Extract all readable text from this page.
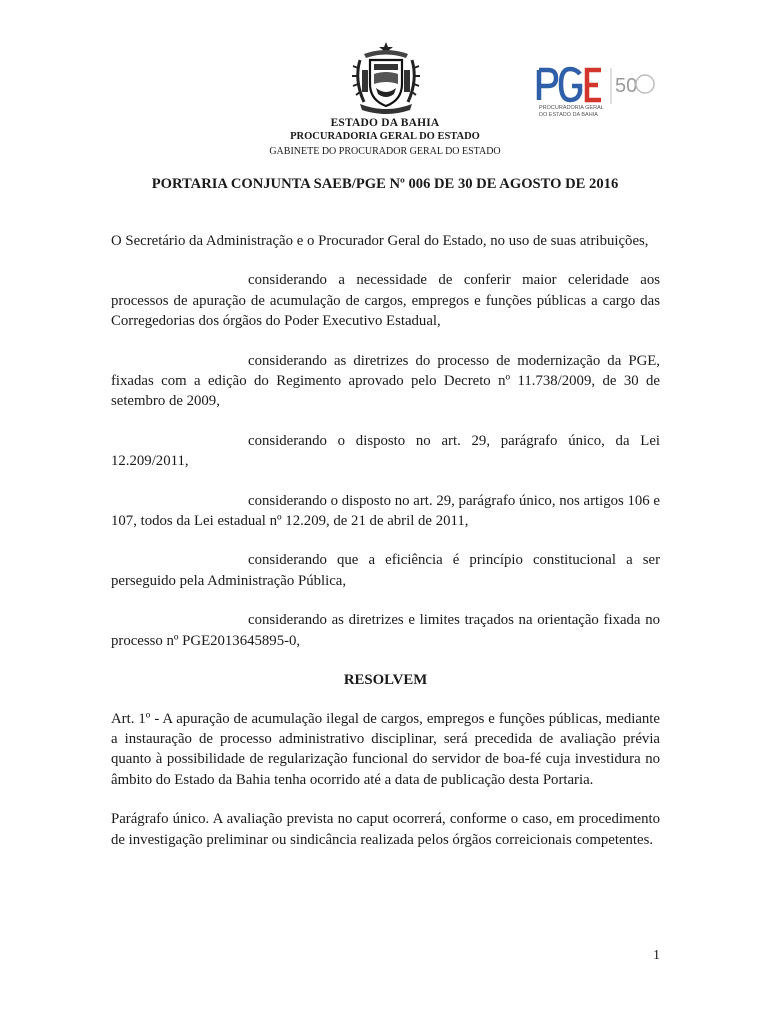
50
PROCURADORIA GERAL
DO ESTADO DA BAHIA
ESTADO DA BAHIA
PROCURADORIA GERAL DO ESTADO
GABINETE DO PROCURADOR GERAL DO ESTADO
PORTARIA CONJUNTA SAEB/PGE Nº 006 DE 30 DE AGOSTO DE 2016

O Secretário da Administração e o Procurador Geral do Estado, no uso de suas atribuições,

considerando a necessidade de conferir maior celeridade aos processos de apuração de acumulação de cargos, empregos e funções públicas a cargo das Corregedorias dos órgãos do Poder Executivo Estadual,

considerando as diretrizes do processo de modernização da PGE, fixadas com a edição do Regimento aprovado pelo Decreto nº 11.738/2009, de 30 de setembro de 2009,

considerando o disposto no art. 29, parágrafo único, da Lei 12.209/2011,

considerando o disposto no art. 29, parágrafo único, nos artigos 106 e 107, todos da Lei estadual nº 12.209, de 21 de abril de 2011,

considerando que a eficiência é princípio constitucional a ser perseguido pela Administração Pública,

considerando as diretrizes e limites traçados na orientação fixada no processo nº PGE2013645895-0,

RESOLVEM

Art. 1º - A apuração de acumulação ilegal de cargos, empregos e funções públicas, mediante a instauração de processo administrativo disciplinar, será precedida de avaliação prévia quanto à possibilidade de regularização funcional do servidor de boa-fé cuja investidura no âmbito do Estado da Bahia tenha ocorrido até a data de publicação desta Portaria.

Parágrafo único. A avaliação prevista no caput ocorrerá, conforme o caso, em procedimento de investigação preliminar ou sindicância realizada pelos órgãos correicionais competentes.

1
